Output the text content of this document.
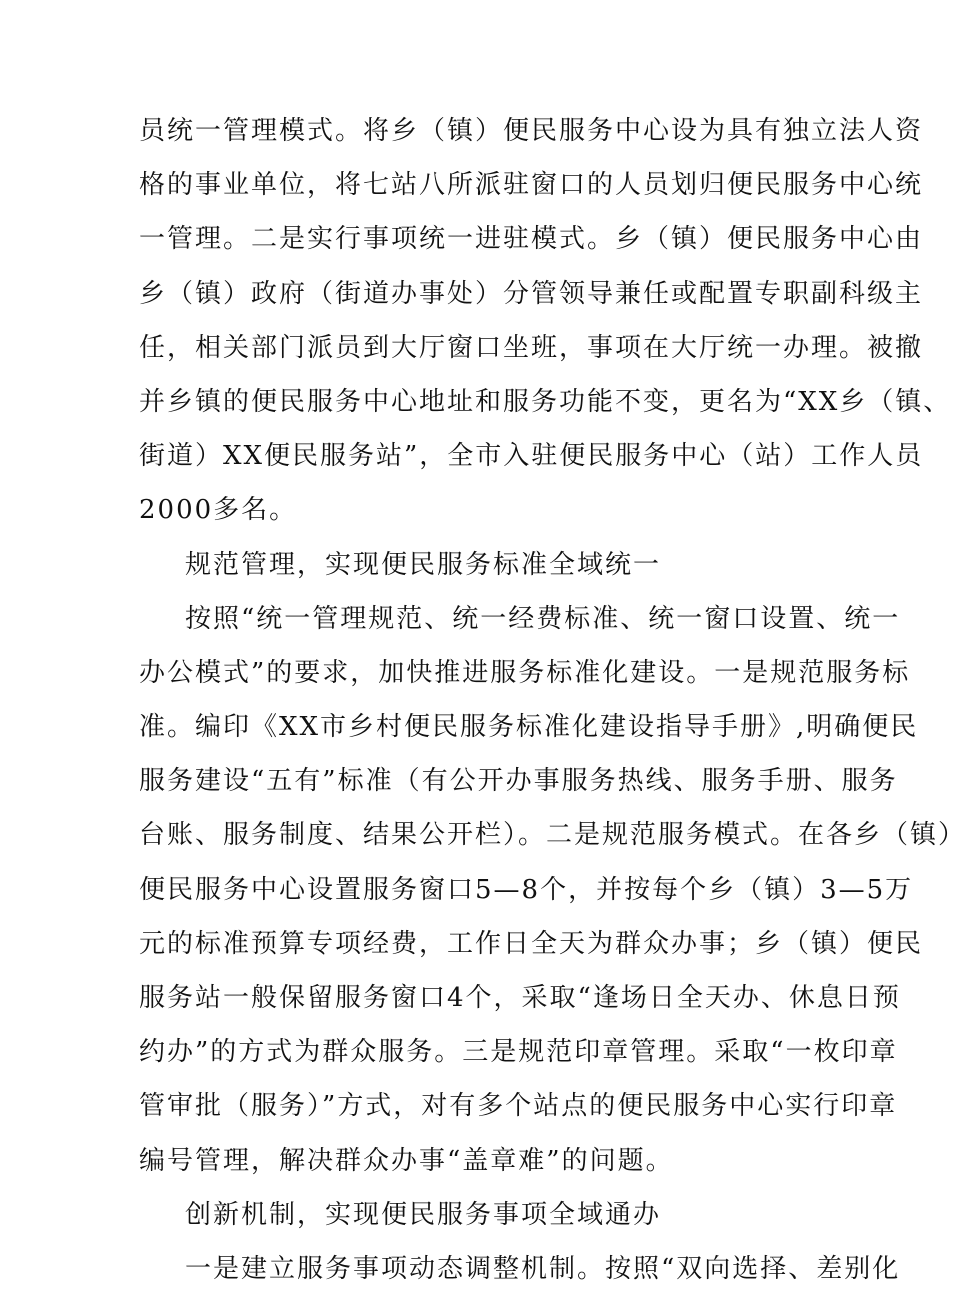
员统一管理模式。将乡（镇）便民服务中心设为具有独立法人资
格的事业单位，将七站八所派驻窗口的人员划归便民服务中心统
一管理。二是实行事项统一进驻模式。乡（镇）便民服务中心由
乡（镇）政府（街道办事处）分管领导兼任或配置专职副科级主
任，相关部门派员到大厅窗口坐班，事项在大厅统一办理。被撤
并乡镇的便民服务中心地址和服务功能不变，更名为“XX乡（镇、
街道）XX便民服务站”，全市入驻便民服务中心（站）工作人员
2000多名。
规范管理，实现便民服务标准全域统一
按照“统一管理规范、统一经费标准、统一窗口设置、统一
办公模式”的要求，加快推进服务标准化建设。一是规范服务标
准。编印《XX市乡村便民服务标准化建设指导手册》,明确便民
服务建设“五有”标准（有公开办事服务热线、服务手册、服务
台账、服务制度、结果公开栏）。二是规范服务模式。在各乡（镇）
便民服务中心设置服务窗口5—8个，并按每个乡（镇）3—5万
元的标准预算专项经费，工作日全天为群众办事；乡（镇）便民
服务站一般保留服务窗口4个，采取“逢场日全天办、休息日预
约办”的方式为群众服务。三是规范印章管理。采取“一枚印章
管审批（服务）”方式，对有多个站点的便民服务中心实行印章
编号管理，解决群众办事“盖章难”的问题。
创新机制，实现便民服务事项全域通办
一是建立服务事项动态调整机制。按照“双向选择、差别化
